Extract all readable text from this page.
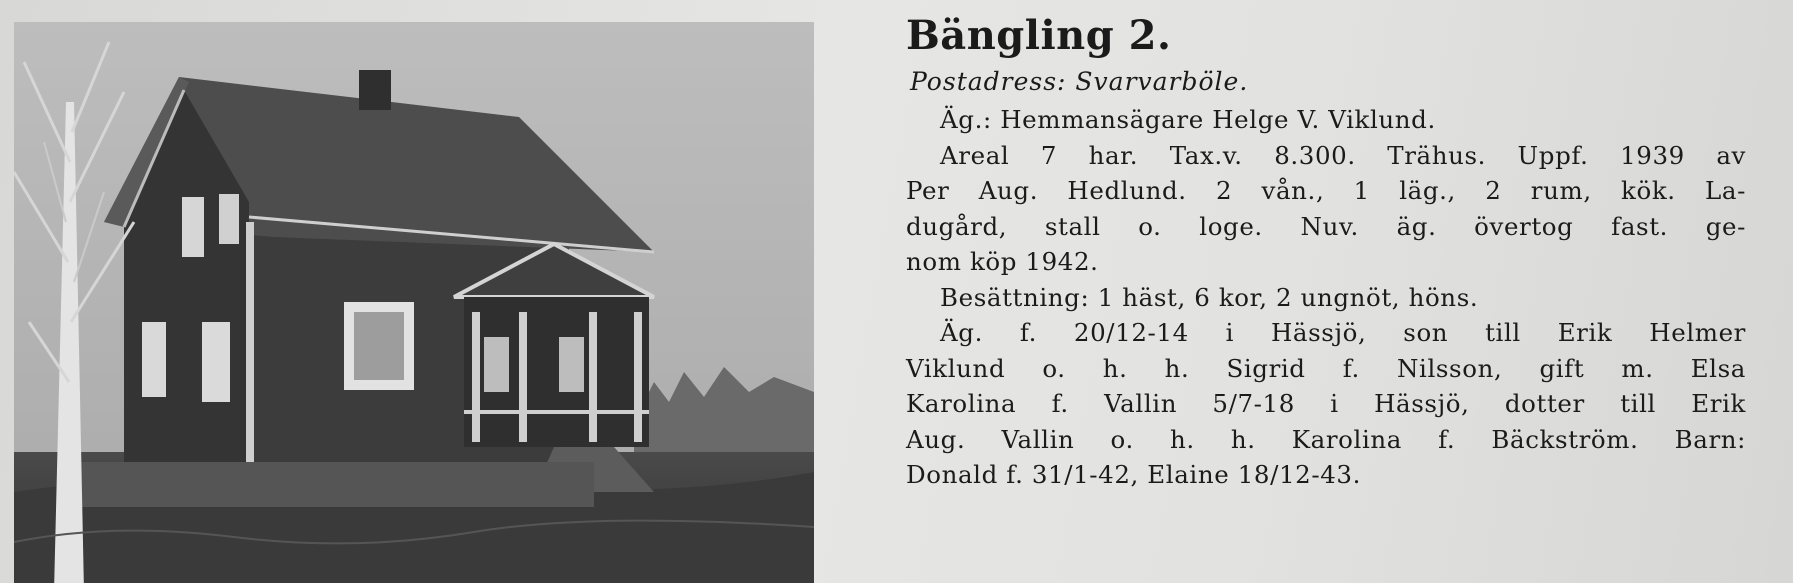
Bängling 2.

Postadress: Svarvarböle.

Äg.: Hemmansägare Helge V. Viklund.

Areal 7 har. Tax.v. 8.300. Trähus. Uppf. 1939 av
Per Aug. Hedlund. 2 vån., 1 läg., 2 rum, kök. La-
dugård, stall o. loge. Nuv. äg. övertog fast. ge-
nom köp 1942.

Besättning: 1 häst, 6 kor, 2 ungnöt, höns.

Äg. f. 20/12-14 i Hässjö, son till Erik Helmer
Viklund o. h. h. Sigrid f. Nilsson, gift m. Elsa
Karolina f. Vallin 5/7-18 i Hässjö, dotter till Erik
Aug. Vallin o. h. h. Karolina f. Bäckström. Barn:
Donald f. 31/1-42, Elaine 18/12-43.
